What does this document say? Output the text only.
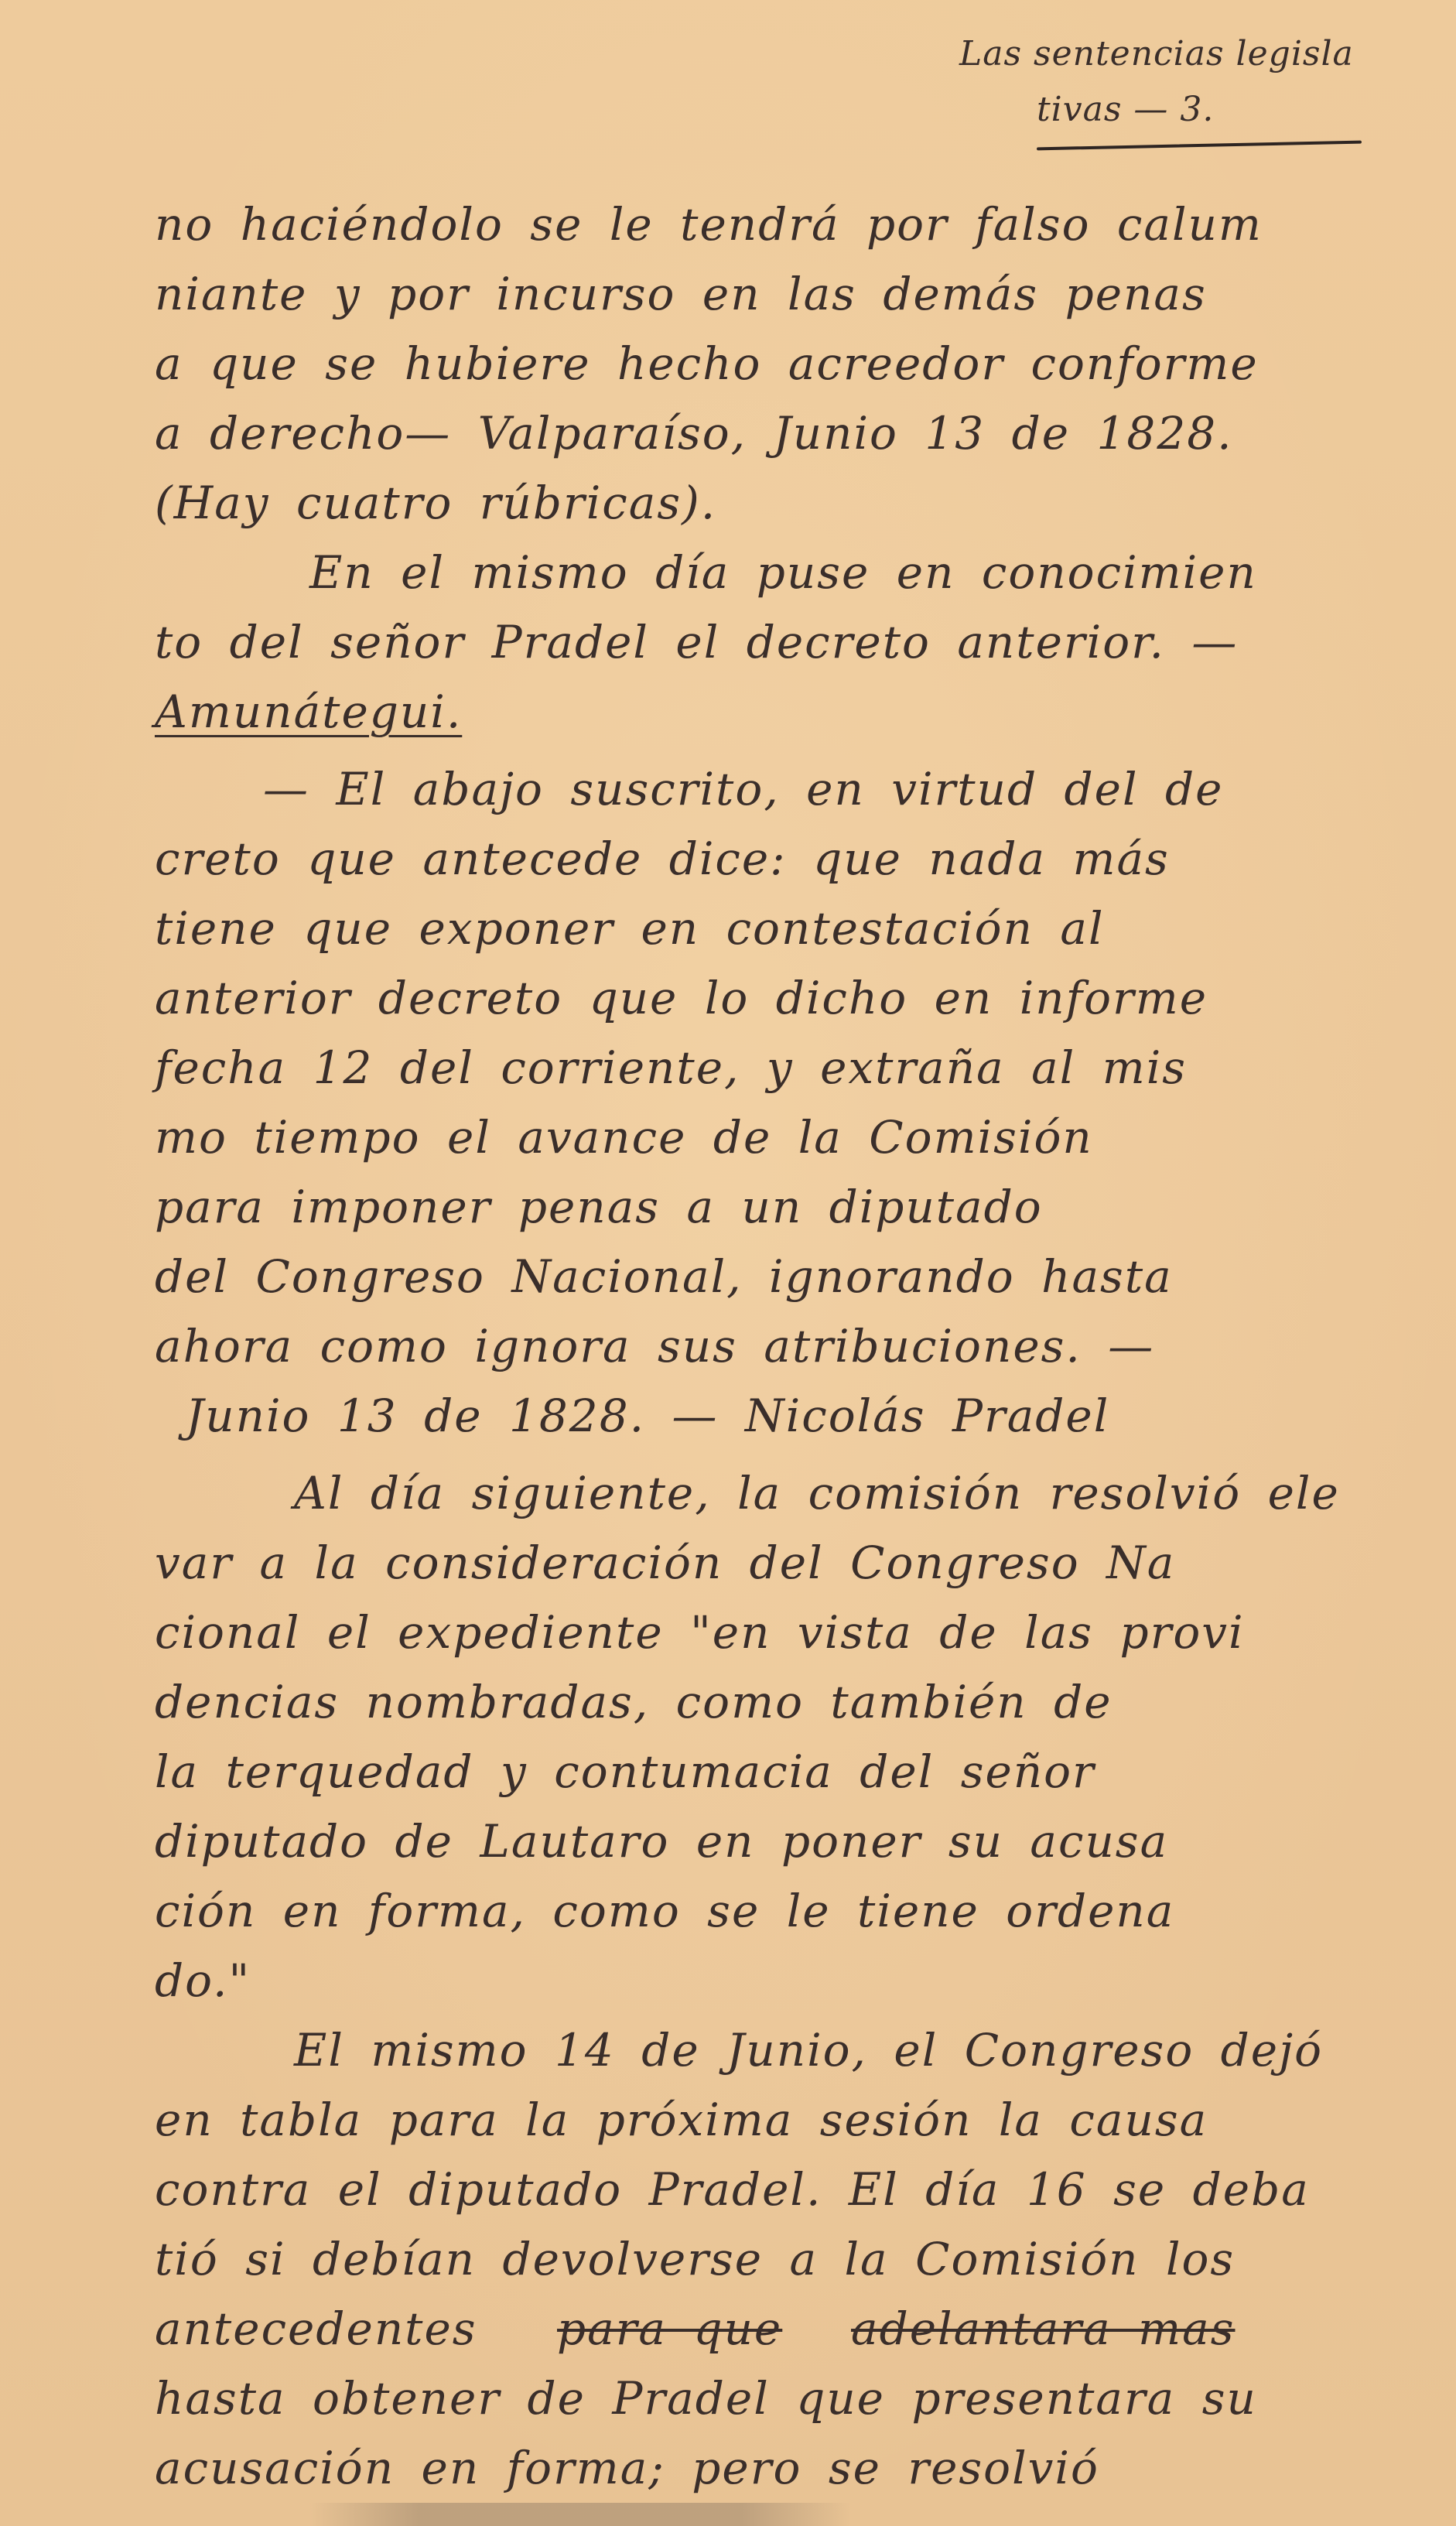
Las sentencias legisla
tivas — 3.
no haciéndolo se le tendrá por falso calum
niante y por incurso en las demás penas
a que se hubiere hecho acreedor conforme
a derecho— Valparaíso, Junio 13 de 1828.
(Hay cuatro rúbricas).
En el mismo día puse en conocimien
to del señor Pradel el decreto anterior. —
Amunátegui.
— El abajo suscrito, en virtud del de
creto que antecede dice: que nada más
tiene que exponer en contestación al
anterior decreto que lo dicho en informe
fecha 12 del corriente, y extraña al mis
mo tiempo el avance de la Comisión
para imponer penas a un diputado
del Congreso Nacional, ignorando hasta
ahora como ignora sus atribuciones. —
Junio 13 de 1828. — Nicolás Pradel
Al día siguiente, la comisión resolvió ele
var a la consideración del Congreso Na
cional el expediente "en vista de las provi
dencias nombradas, como también de
la terquedad y contumacia del señor
diputado de Lautaro en poner su acusa
ción en forma, como se le tiene ordena
do."
El mismo 14 de Junio, el Congreso dejó
en tabla para la próxima sesión la causa
contra el diputado Pradel. El día 16 se deba
tió si debían devolverse a la Comisión los
antecedentes para que adelantara mas
hasta obtener de Pradel que presentara su
acusación en forma; pero se resolvió
